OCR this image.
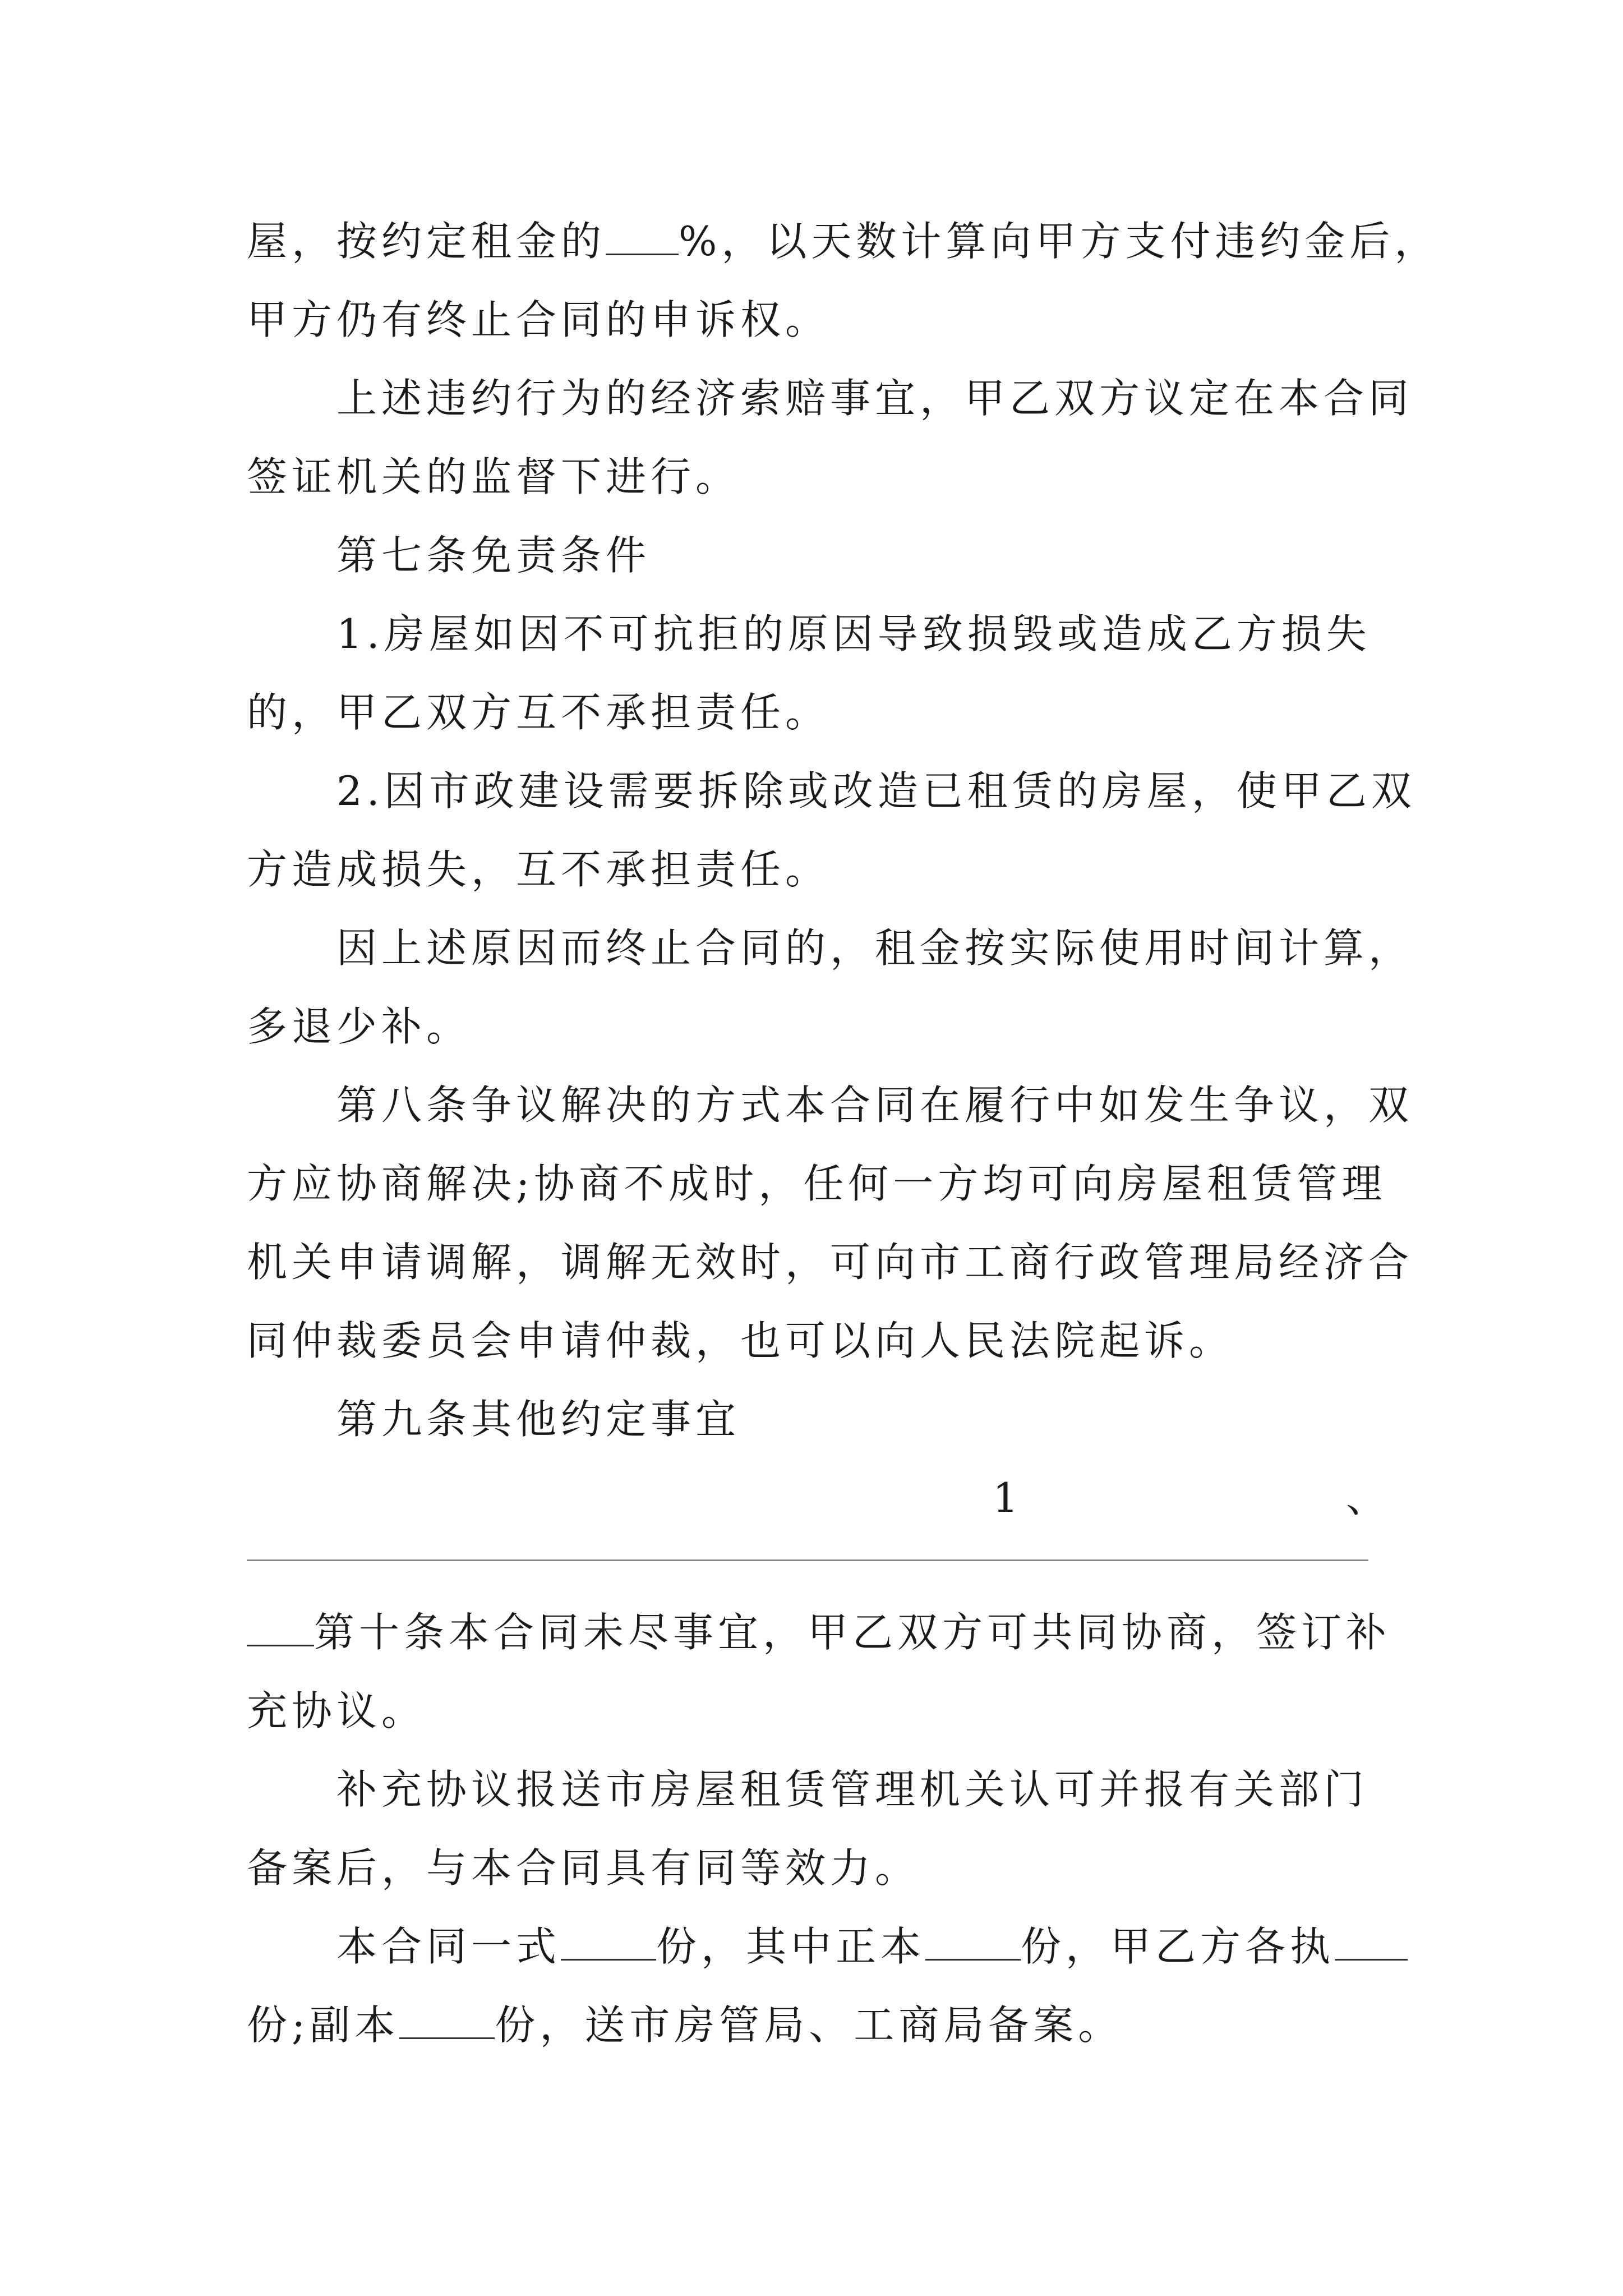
屋，按约定租金的 %，以天数计算向甲方支付违约金后，
甲方仍有终止合同的申诉权。
上述违约行为的经济索赔事宜，甲乙双方议定在本合同
签证机关的监督下进行。
第七条免责条件
1.房屋如因不可抗拒的原因导致损毁或造成乙方损失
的，甲乙双方互不承担责任。
2.因市政建设需要拆除或改造已租赁的房屋，使甲乙双
方造成损失，互不承担责任。
因上述原因而终止合同的，租金按实际使用时间计算，
多退少补。
第八条争议解决的方式本合同在履行中如发生争议，双
方应协商解决;协商不成时，任何一方均可向房屋租赁管理
机关申请调解，调解无效时，可向市工商行政管理局经济合
同仲裁委员会申请仲裁，也可以向人民法院起诉。
第九条其他约定事宜
1	、
第十条本合同未尽事宜，甲乙双方可共同协商，签订补
充协议。
补充协议报送市房屋租赁管理机关认可并报有关部门
备案后，与本合同具有同等效力。
本合同一式 份，其中正本 份，甲乙方各执
份;副本 份，送市房管局、工商局备案。
